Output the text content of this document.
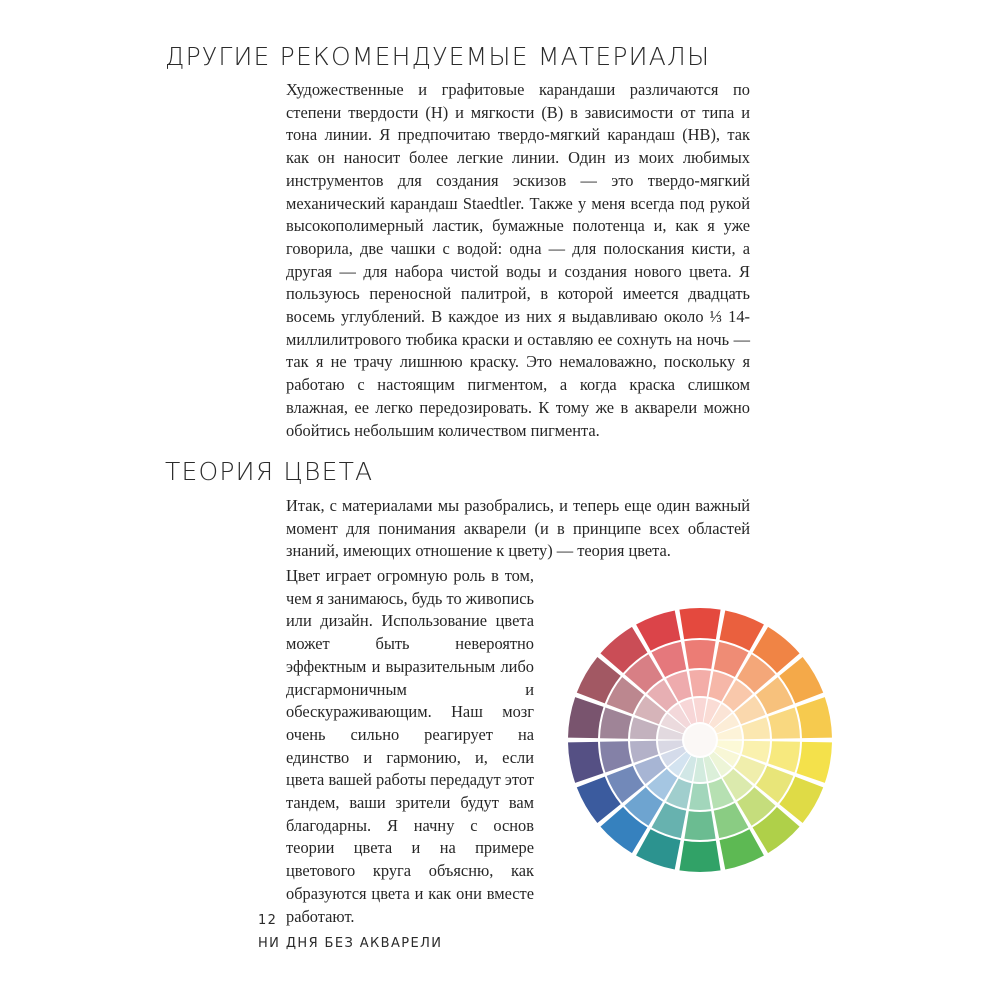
ДРУГИЕ РЕКОМЕНДУЕМЫЕ МАТЕРИАЛЫ

Художественные и графитовые карандаши различаются по степени твердости (H) и мягкости (B) в зависимости от типа и тона линии. Я предпочитаю твердо-мягкий карандаш (HB), так как он наносит более легкие линии. Один из моих любимых инструментов для создания эскизов — это твердо-мягкий механический карандаш Staedtler. Также у меня всегда под рукой высокополимерный ластик, бумажные полотенца и, как я уже говорила, две чашки с водой: одна — для полоскания кисти, а другая — для набора чистой воды и создания нового цвета. Я пользуюсь переносной палитрой, в которой имеется двадцать восемь углублений. В каждое из них я выдавливаю около ⅓ 14-миллилитрового тюбика краски и оставляю ее сохнуть на ночь — так я не трачу лишнюю краску. Это немаловажно, поскольку я работаю с настоящим пигментом, а когда краска слишком влажная, ее легко передозировать. К тому же в акварели можно обойтись небольшим количеством пигмента.

ТЕОРИЯ ЦВЕТА

Итак, с материалами мы разобрались, и теперь еще один важный момент для понимания акварели (и в принципе всех областей знаний, имеющих отношение к цвету) — теория цвета.

Цвет играет огромную роль в том, чем я занимаюсь, будь то живопись или дизайн. Использование цвета может быть невероятно эффектным и выразительным либо дисгармоничным и обескураживающим. Наш мозг очень сильно реагирует на единство и гармонию, и, если цвета вашей работы передадут этот тандем, ваши зрители будут вам благодарны. Я начну с основ теории цвета и на примере цветового круга объясню, как образуются цвета и как они вместе работают.

12

НИ ДНЯ БЕЗ АКВАРЕЛИ
